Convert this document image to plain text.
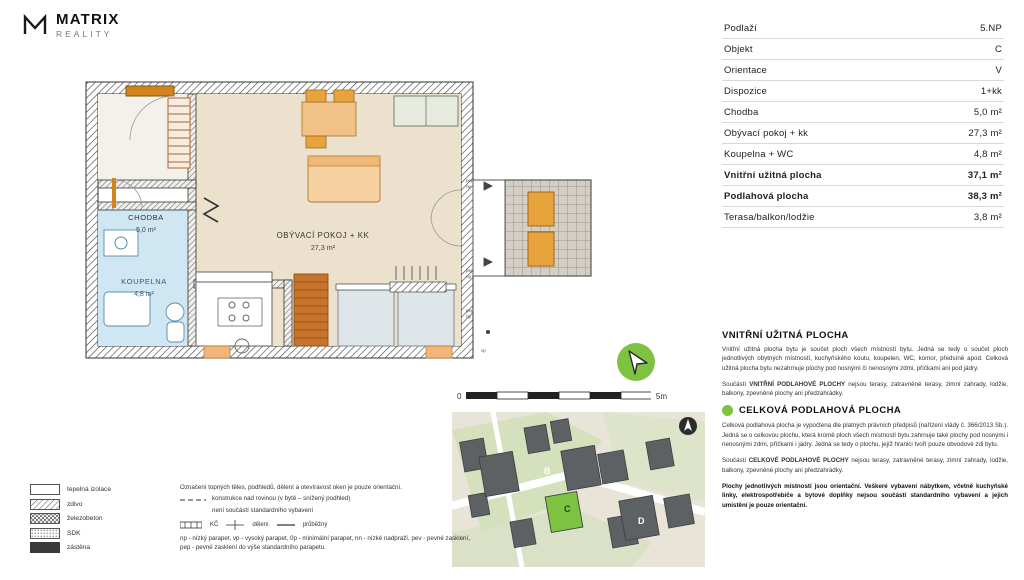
MATRIX
REALITY	Podlaží	5.NP
Objekt	C
Orientace	V
Dispozice	1+kk
Chodba	5,0 m²
Obývací pokoj + kk	27,3 m²
Koupelna + WC	4,8 m²
Vnitřní užitná plocha	37,1 m²
Podlahová plocha	38,3 m²
Terasa/balkon/lodžie	3,8 m²
CHODBA
5,0 m²
OBÝVACÍ POKOJ + KK
27,3 m²
KOUPELNA
4,8 m²
pep
np
pep
np
pep
np
vp
0	5m
B
C
D
VNITŘNÍ UŽITNÁ PLOCHA

Vnitřní užitná plocha bytu je součet ploch všech místností bytu. Jedná se tedy o součet ploch jednotlivých obytných místností, kuchyňského koutu, koupelen, WC, komor, předsíně apod. Celková užitná plocha bytu nezahrnuje plochy pod nosnými či nenosnými zdmi, příčkami ani pod jádry.

Součástí VNITŘNÍ PODLAHOVÉ PLOCHY nejsou terasy, zatravněné terasy, zimní zahrady, lodžie, balkony, zpevněné plochy ani předzahrádky.

CELKOVÁ PODLAHOVÁ PLOCHA

Celková podlahová plocha je vypočtena dle platných právních předpisů (nařízení vlády č. 366/2013 Sb.). Jedná se o celkovou plochu, která kromě ploch všech místností bytu zahrnuje také plochy pod nosnými i nenosnými zdmi, příčkami i jádry. Jedná se tedy o plochu, jejíž hranici tvoří pouze obvodové zdi bytu.

Součástí CELKOVÉ PODLAHOVÉ PLOCHY nejsou terasy, zatravněné terasy, zimní zahrady, lodžie, balkony, zpevněné plochy ani předzahrádky.

Plochy jednotlivých místností jsou orientační. Veškeré vybavení nábytkem, včetně kuchyňské linky, elektrospotřebiče a bytové doplňky nejsou součástí standardního vybavení a jejich umístění je pouze orientační.

tepelná izolace
zdivo
železobeton
SDK
zástěna
Označení topných těles, podhledů, dělení a otevíravost oken je pouze orientační.
konstrukce nad rovinou (v bytě – snížený podhled)
není součástí standardního vybavení
KČ	dělení	průběžný
np - nízký parapet, vp - vysoký parapet, 0p - minimální parapet, nn - nízké nadpraží, pev - pevné zasklení, pep - pevné zasklení do výše standardního parapetu.
